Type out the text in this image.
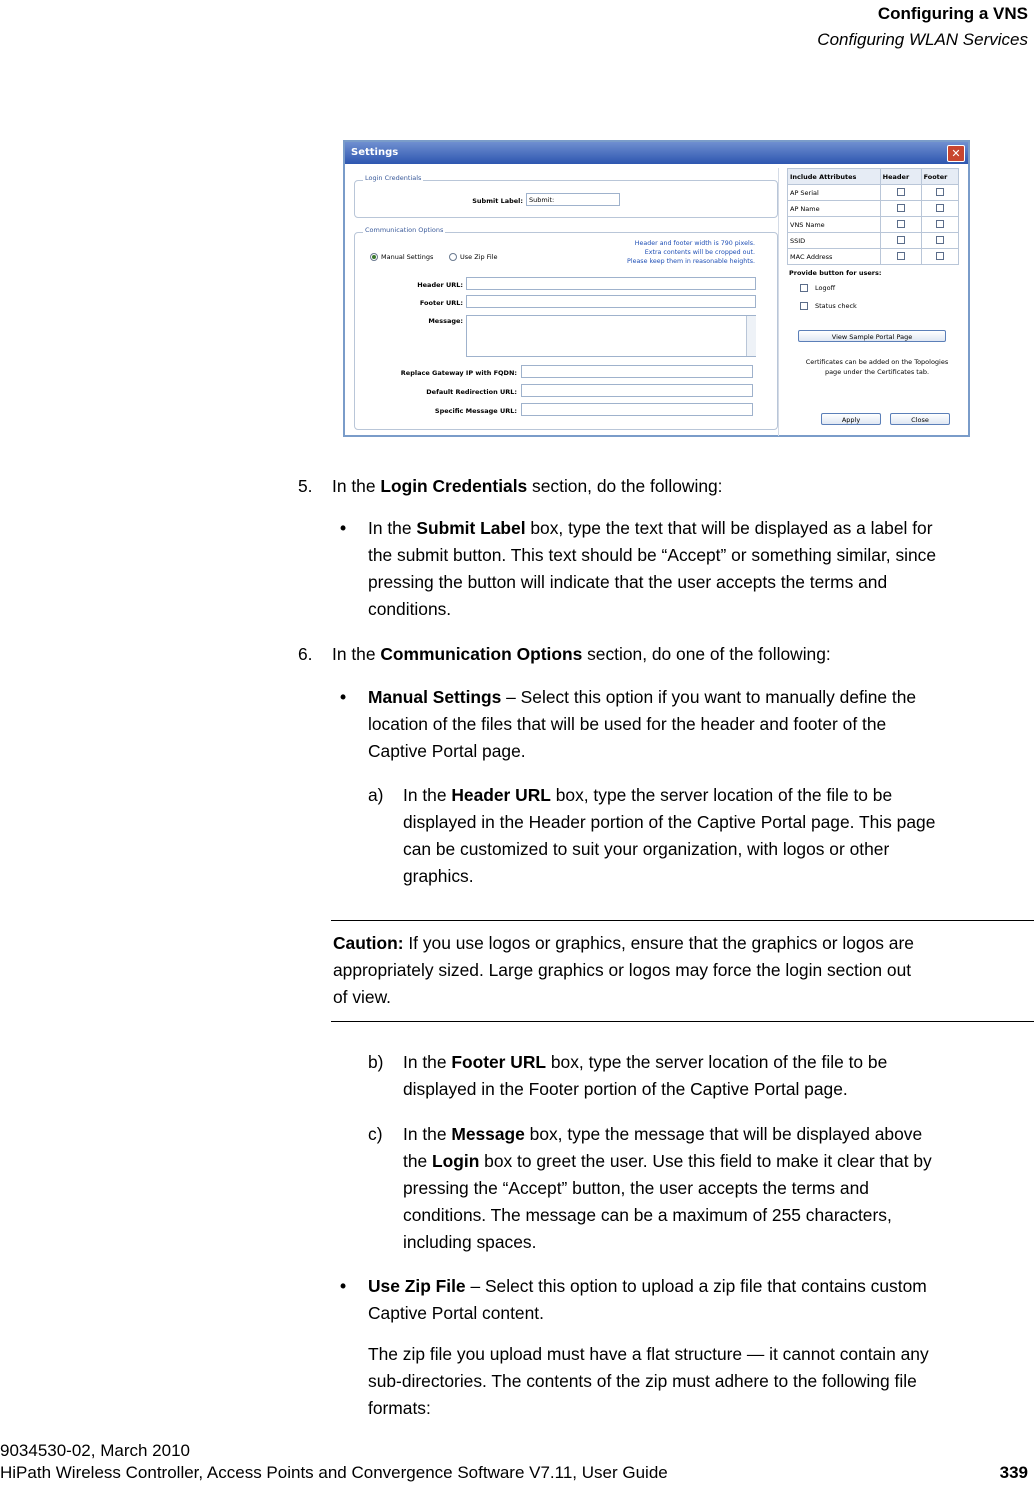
Configuring a VNS
Configuring WLAN Services
Settings	✕
Login Credentials
Submit Label: Submit:
Communication Options
Manual Settings	Use Zip File
Header and footer width is 790 pixels.
Extra contents will be cropped out.
Please keep them in reasonable heights.
Header URL:
Footer URL:
Message:
Replace Gateway IP with FQDN:
Default Redirection URL:
Specific Message URL:
Include Attributes	Header	Footer
AP Serial		
AP Name		
VNS Name		
SSID		
MAC Address		
Provide button for users:
Logoff
Status check
View Sample Portal Page
Certificates can be added on the Topologies
page under the Certificates tab.
Apply	Close
5. In the Login Credentials section, do the following:
• In the Submit Label box, type the text that will be displayed as a label for
the submit button. This text should be “Accept” or something similar, since
pressing the button will indicate that the user accepts the terms and
conditions.
6. In the Communication Options section, do one of the following:
• Manual Settings – Select this option if you want to manually define the
location of the files that will be used for the header and footer of the
Captive Portal page.
a) In the Header URL box, type the server location of the file to be
displayed in the Header portion of the Captive Portal page. This page
can be customized to suit your organization, with logos or other
graphics.
Caution: If you use logos or graphics, ensure that the graphics or logos are
appropriately sized. Large graphics or logos may force the login section out
of view.
b) In the Footer URL box, type the server location of the file to be
displayed in the Footer portion of the Captive Portal page.
c) In the Message box, type the message that will be displayed above
the Login box to greet the user. Use this field to make it clear that by
pressing the “Accept” button, the user accepts the terms and
conditions. The message can be a maximum of 255 characters,
including spaces.
• Use Zip File – Select this option to upload a zip file that contains custom
Captive Portal content.
The zip file you upload must have a flat structure — it cannot contain any
sub-directories. The contents of the zip must adhere to the following file
formats:
9034530-02, March 2010
HiPath Wireless Controller, Access Points and Convergence Software V7.11, User Guide	339
